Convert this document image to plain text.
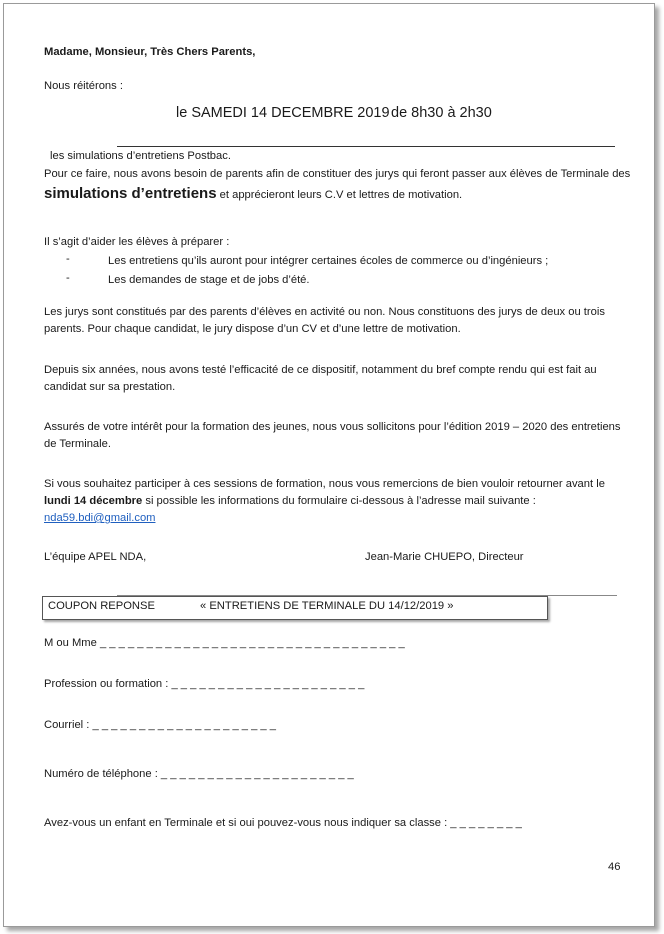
Madame, Monsieur, Très Chers Parents,
Nous réitérons :
le SAMEDI 14 DECEMBRE 2019 de 8h30 à 2h30
les simulations d’entretiens Postbac.
Pour ce faire, nous avons besoin de parents afin de constituer des jurys qui feront passer aux élèves de Terminale des
simulations d’entretiens et apprécieront leurs C.V et lettres de motivation.
Il s’agit d’aider les élèves à préparer :
-	Les entretiens qu’ils auront pour intégrer certaines écoles de commerce ou d’ingénieurs ;
-	Les demandes de stage et de jobs d’été.
Les jurys sont constitués par des parents d’élèves en activité ou non. Nous constituons des jurys de deux ou trois
parents. Pour chaque candidat, le jury dispose d’un CV et d’une lettre de motivation.
Depuis six années, nous avons testé l’efficacité de ce dispositif, notamment du bref compte rendu qui est fait au
candidat sur sa prestation.
Assurés de votre intérêt pour la formation des jeunes, nous vous sollicitons pour l’édition 2019 – 2020 des entretiens
de Terminale.
Si vous souhaitez participer à ces sessions de formation, nous vous remercions de bien vouloir retourner avant le
lundi 14 décembre si possible les informations du formulaire ci-dessous à l’adresse mail suivante :
nda59.bdi@gmail.com
L’équipe APEL NDA,	Jean-Marie CHUEPO, Directeur
COUPON REPONSE	« ENTRETIENS DE TERMINALE DU 14/12/2019 »
M ou Mme _ _ _ _ _ _ _ _ _ _ _ _ _ _ _ _ _ _ _ _ _ _ _ _ _ _ _ _ _ _ _ _ _
Profession ou formation : _ _ _ _ _ _ _ _ _ _ _ _ _ _ _ _ _ _ _ _ _
Courriel : _ _ _ _ _ _ _ _ _ _ _ _ _ _ _ _ _ _ _ _
Numéro de téléphone : _ _ _ _ _ _ _ _ _ _ _ _ _ _ _ _ _ _ _ _ _
Avez-vous un enfant en Terminale et si oui pouvez-vous nous indiquer sa classe : _ _ _ _ _ _ _ _
46
